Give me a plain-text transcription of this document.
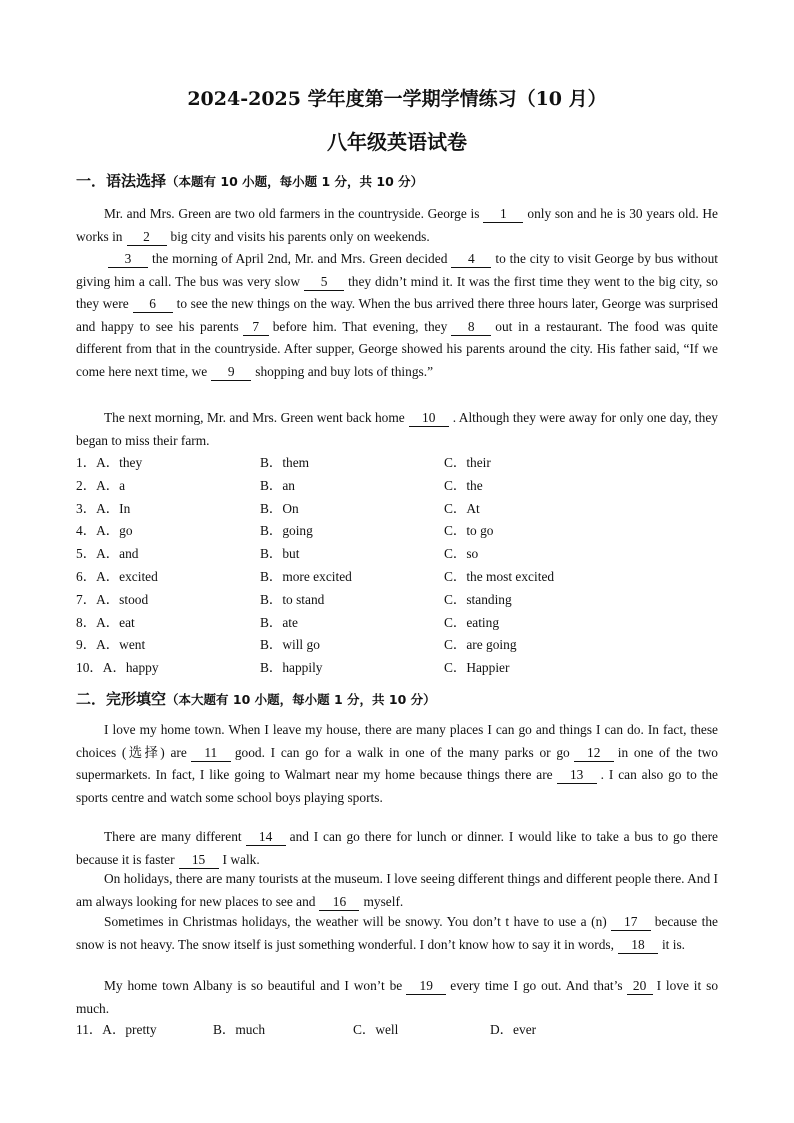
2024-2025 学年度第一学期学情练习（10 月）
八年级英语试卷
一．语法选择（本题有 10 小题，每小题 1 分，共 10 分）
Mr. and Mrs. Green are two old farmers in the countryside. George is 1 only son and he is 30 years old. He works in 2 big city and visits his parents only on weekends.
3 the morning of April 2nd, Mr. and Mrs. Green decided 4 to the city to visit George by bus without giving him a call. The bus was very slow 5 they didn’t mind it. It was the first time they went to the big city, so they were 6 to see the new things on the way. When the bus arrived there three hours later, George was surprised and happy to see his parents 7 before him. That evening, they 8 out in a restaurant. The food was quite different from that in the countryside. After supper, George showed his parents around the city. His father said, “If we come here next time, we 9 shopping and buy lots of things.”
The next morning, Mr. and Mrs. Green went back home 10 . Although they were away for only one day, they began to miss their farm.
1．A．they	B．them	C．their
2．A．a	B．an	C．the
3．A．In	B．On	C．At
4．A．go	B．going	C．to go
5．A．and	B．but	C．so
6．A．excited	B．more excited	C．the most excited
7．A．stood	B．to stand	C．standing
8．A．eat	B．ate	C．eating
9．A．went	B．will go	C．are going
10．A．happy	B．happily	C．Happier
二．完形填空（本大题有 10 小题，每小题 1 分，共 10 分）
I love my home town. When I leave my house, there are many places I can go and things I can do. In fact, these choices (选择) are 11 good. I can go for a walk in one of the many parks or go 12 in one of the two supermarkets. In fact, I like going to Walmart near my home because things there are 13 . I can also go to the sports centre and watch some school boys playing sports.
There are many different 14 and I can go there for lunch or dinner. I would like to take a bus to go there because it is faster 15 I walk.
On holidays, there are many tourists at the museum. I love seeing different things and different people there. And I am always looking for new places to see and 16 myself.
Sometimes in Christmas holidays, the weather will be snowy. You don’t t have to use a (n) 17 because the snow is not heavy. The snow itself is just something wonderful. I don’t know how to say it in words, 18 it is.
My home town Albany is so beautiful and I won’t be 19 every time I go out. And that’s 20 I love it so much.
11．A．pretty	B．much	C．well	D．ever
